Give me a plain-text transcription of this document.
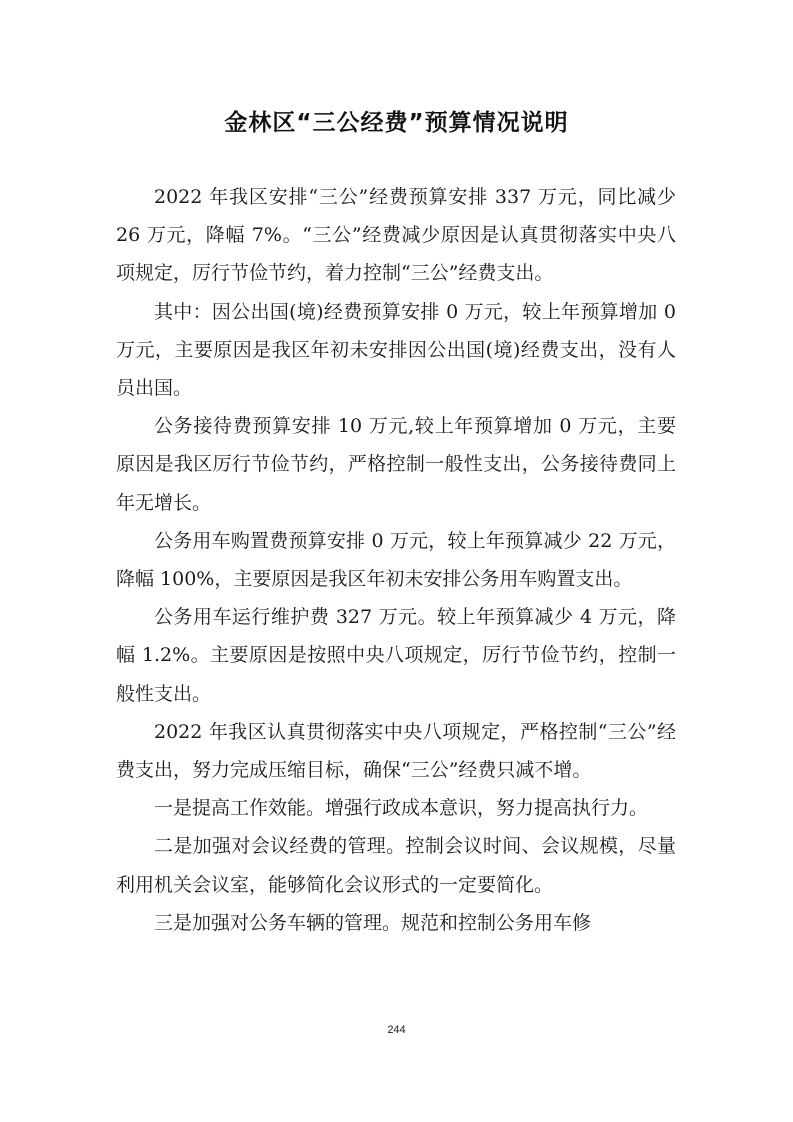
金林区“三公经费”预算情况说明

2022 年我区安排“三公”经费预算安排 337 万元，同比减少 26 万元，降幅 7%。“三公”经费减少原因是认真贯彻落实中央八项规定，厉行节俭节约，着力控制“三公”经费支出。

其中：因公出国(境)经费预算安排 0 万元，较上年预算增加 0 万元，主要原因是我区年初未安排因公出国(境)经费支出，没有人员出国。

公务接待费预算安排 10 万元,较上年预算增加 0 万元，主要原因是我区厉行节俭节约，严格控制一般性支出，公务接待费同上年无增长。

公务用车购置费预算安排 0 万元，较上年预算减少 22 万元，降幅 100%，主要原因是我区年初未安排公务用车购置支出。

公务用车运行维护费 327 万元。较上年预算减少 4 万元，降幅 1.2%。主要原因是按照中央八项规定，厉行节俭节约，控制一般性支出。

2022 年我区认真贯彻落实中央八项规定，严格控制“三公”经费支出，努力完成压缩目标，确保“三公”经费只减不增。

一是提高工作效能。增强行政成本意识，努力提高执行力。

二是加强对会议经费的管理。控制会议时间、会议规模，尽量利用机关会议室，能够简化会议形式的一定要简化。

三是加强对公务车辆的管理。规范和控制公务用车修

244
